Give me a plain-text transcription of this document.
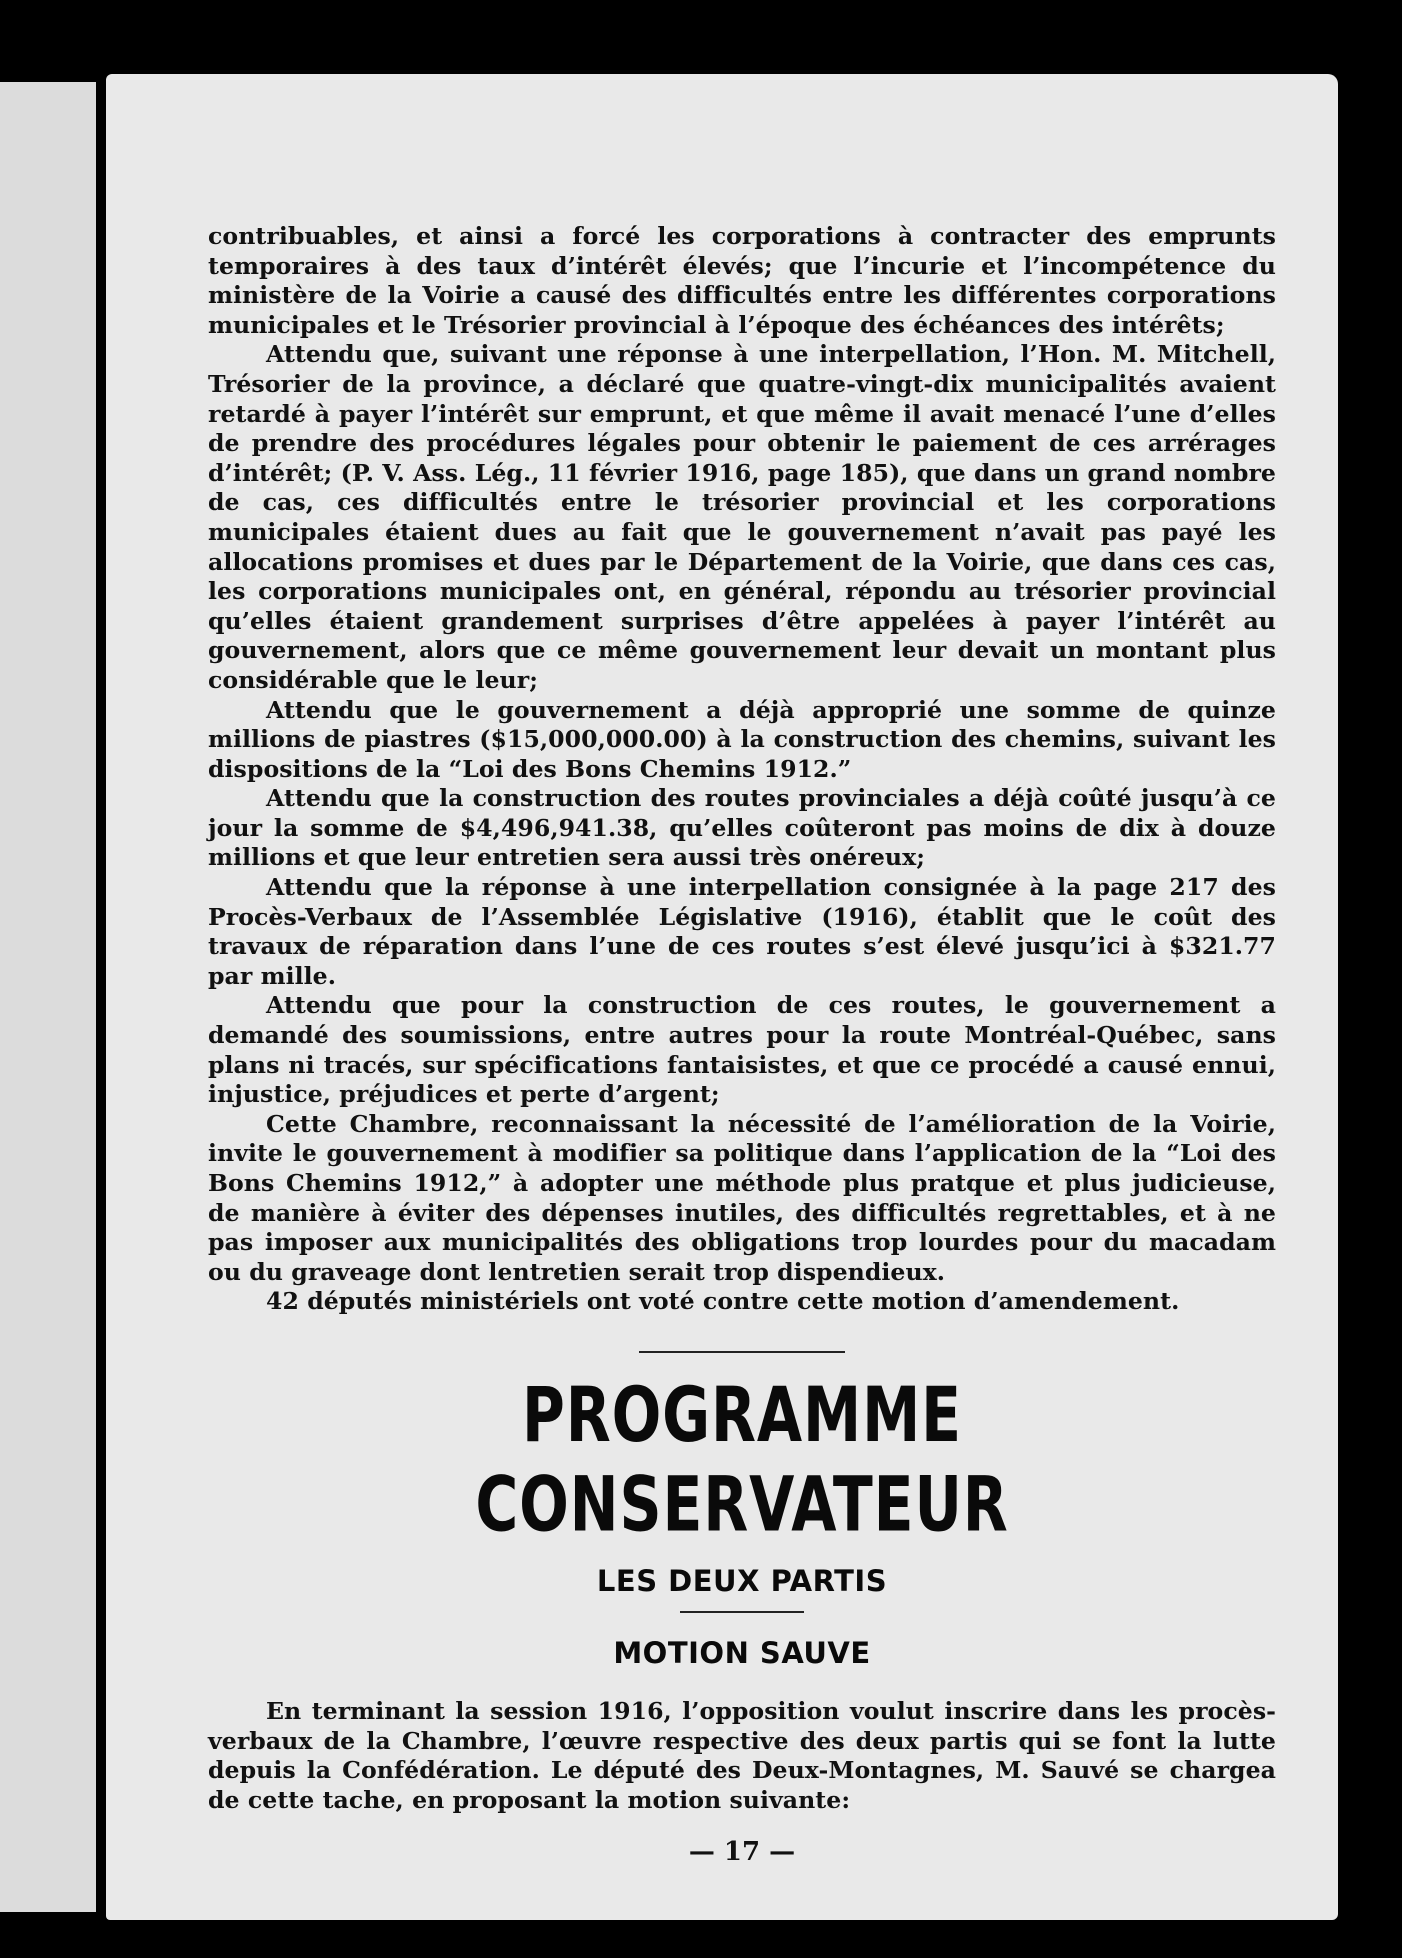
contribuables, et ainsi a forcé les corporations à contracter des emprunts temporaires à des taux d’intérêt élevés; que l’incurie et l’incompétence du ministère de la Voirie a causé des difficultés entre les différentes corporations municipales et le Trésorier provincial à l’époque des échéances des intérêts;

Attendu que, suivant une réponse à une interpellation, l’Hon. M. Mitchell, Trésorier de la province, a déclaré que quatre-vingt-dix municipalités avaient retardé à payer l’intérêt sur emprunt, et que même il avait menacé l’une d’elles de prendre des procédures légales pour obtenir le paiement de ces arrérages d’intérêt; (P. V. Ass. Lég., 11 février 1916, page 185), que dans un grand nombre de cas, ces difficultés entre le trésorier provincial et les corporations municipales étaient dues au fait que le gouvernement n’avait pas payé les allocations promises et dues par le Département de la Voirie, que dans ces cas, les corporations municipales ont, en général, répondu au trésorier provincial qu’elles étaient grandement surprises d’être appelées à payer l’intérêt au gouvernement, alors que ce même gouvernement leur devait un montant plus considérable que le leur;

Attendu que le gouvernement a déjà approprié une somme de quinze millions de piastres ($15,000,000.00) à la construction des chemins, suivant les dispositions de la “Loi des Bons Chemins 1912.”

Attendu que la construction des routes provinciales a déjà coûté jusqu’à ce jour la somme de $4,496,941.38, qu’elles coûteront pas moins de dix à douze millions et que leur entretien sera aussi très onéreux;

Attendu que la réponse à une interpellation consignée à la page 217 des Procès-Verbaux de l’Assemblée Législative (1916), établit que le coût des travaux de réparation dans l’une de ces routes s’est élevé jusqu’ici à $321.77 par mille.

Attendu que pour la construction de ces routes, le gouvernement a demandé des soumissions, entre autres pour la route Montréal-Québec, sans plans ni tracés, sur spécifications fantaisistes, et que ce procédé a causé ennui, injustice, préjudices et perte d’argent;

Cette Chambre, reconnaissant la nécessité de l’amélioration de la Voirie, invite le gouvernement à modifier sa politique dans l’application de la “Loi des Bons Chemins 1912,” à adopter une méthode plus pratque et plus judicieuse, de manière à éviter des dépenses inutiles, des difficultés regrettables, et à ne pas imposer aux municipalités des obligations trop lourdes pour du macadam ou du graveage dont lentretien serait trop dispendieux.

42 députés ministériels ont voté contre cette motion d’amendement.

PROGRAMME CONSERVATEUR
LES DEUX PARTIS
MOTION SAUVE

En terminant la session 1916, l’opposition voulut inscrire dans les procès-verbaux de la Chambre, l’œuvre respective des deux partis qui se font la lutte depuis la Confédération. Le député des Deux-Montagnes, M. Sauvé se chargea de cette tache, en proposant la motion suivante:

— 17 —
